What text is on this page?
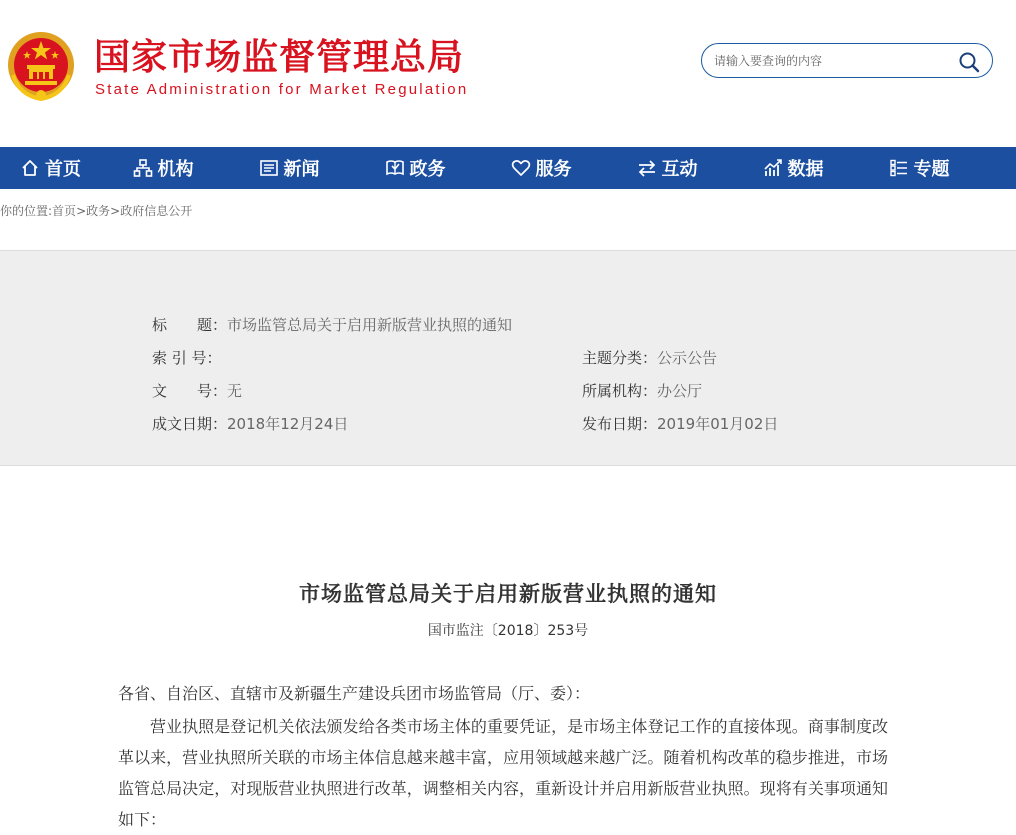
国家市场监督管理总局
State Administration for Market Regulation
请输入要查询的内容
首页	机构	新闻	政务	服务	互动	数据	专题
你的位置:首页>政务>政府信息公开
标　　题：市场监管总局关于启用新版营业执照的通知
索 引 号：	主题分类：公示公告
文　　号：无	所属机构：办公厅
成文日期：2018年12月24日	发布日期：2019年01月02日
市场监管总局关于启用新版营业执照的通知
国市监注〔2018〕253号
各省、自治区、直辖市及新疆生产建设兵团市场监管局（厅、委）：
营业执照是登记机关依法颁发给各类市场主体的重要凭证，是市场主体登记工作的直接体现。商事制度改革以来，营业执照所关联的市场主体信息越来越丰富，应用领域越来越广泛。随着机构改革的稳步推进，市场监管总局决定，对现版营业执照进行改革，调整相关内容，重新设计并启用新版营业执照。现将有关事项通知如下：
